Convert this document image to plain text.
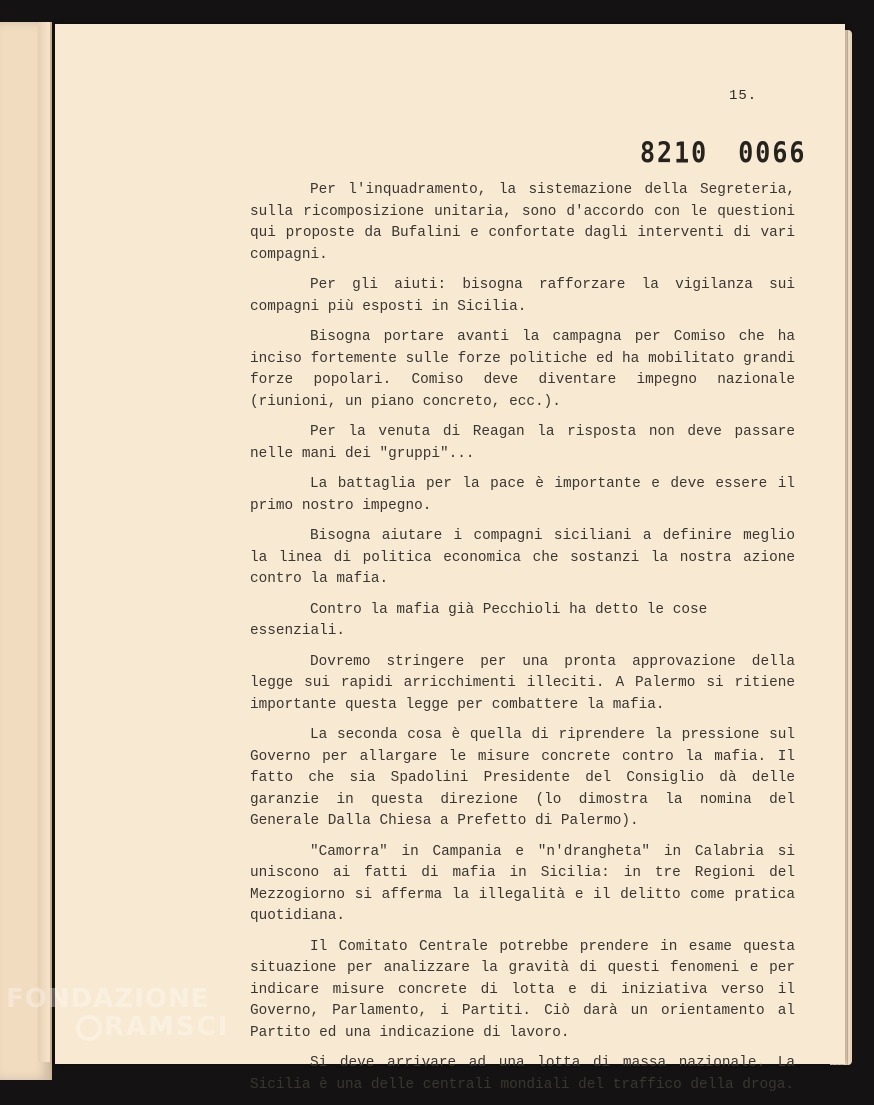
15.
8210 0066

Per l'inquadramento, la sistemazione della Segreteria, sulla ricomposizione unitaria, sono d'accordo con le questioni qui proposte da Bufalini e confortate dagli interventi di vari compagni.

Per gli aiuti: bisogna rafforzare la vigilanza sui compagni più esposti in Sicilia.

Bisogna portare avanti la campagna per Comiso che ha inciso fortemente sulle forze politiche ed ha mobilitato grandi forze popolari. Comiso deve diventare impegno nazionale (riunioni, un piano concreto, ecc.).

Per la venuta di Reagan la risposta non deve passare nelle mani dei "gruppi"...

La battaglia per la pace è importante e deve essere il primo nostro impegno.

Bisogna aiutare i compagni siciliani a definire meglio la linea di politica economica che sostanzi la nostra azione contro la mafia.

Contro la mafia già Pecchioli ha detto le cose essenziali.

Dovremo stringere per una pronta approvazione della legge sui rapidi arricchimenti illeciti. A Palermo si ritiene importante questa legge per combattere la mafia.

La seconda cosa è quella di riprendere la pressione sul Governo per allargare le misure concrete contro la mafia. Il fatto che sia Spadolini Presidente del Consiglio dà delle garanzie in questa direzione (lo dimostra la nomina del Generale Dalla Chiesa a Prefetto di Palermo).

"Camorra" in Campania e "n'drangheta" in Calabria si uniscono ai fatti di mafia in Sicilia: in tre Regioni del Mezzogiorno si afferma la illegalità e il delitto come pratica quotidiana.

Il Comitato Centrale potrebbe prendere in esame questa situazione per analizzare la gravità di questi fenomeni e per indicare misure concrete di lotta e di iniziativa verso il Governo, Parlamento, i Partiti. Ciò darà un orientamento al Partito ed una indicazione di lavoro.

Si deve arrivare ad una lotta di massa nazionale. La Sicilia è una delle centrali mondiali del traffico della droga.

FONDAZIONE
RAMSCI
